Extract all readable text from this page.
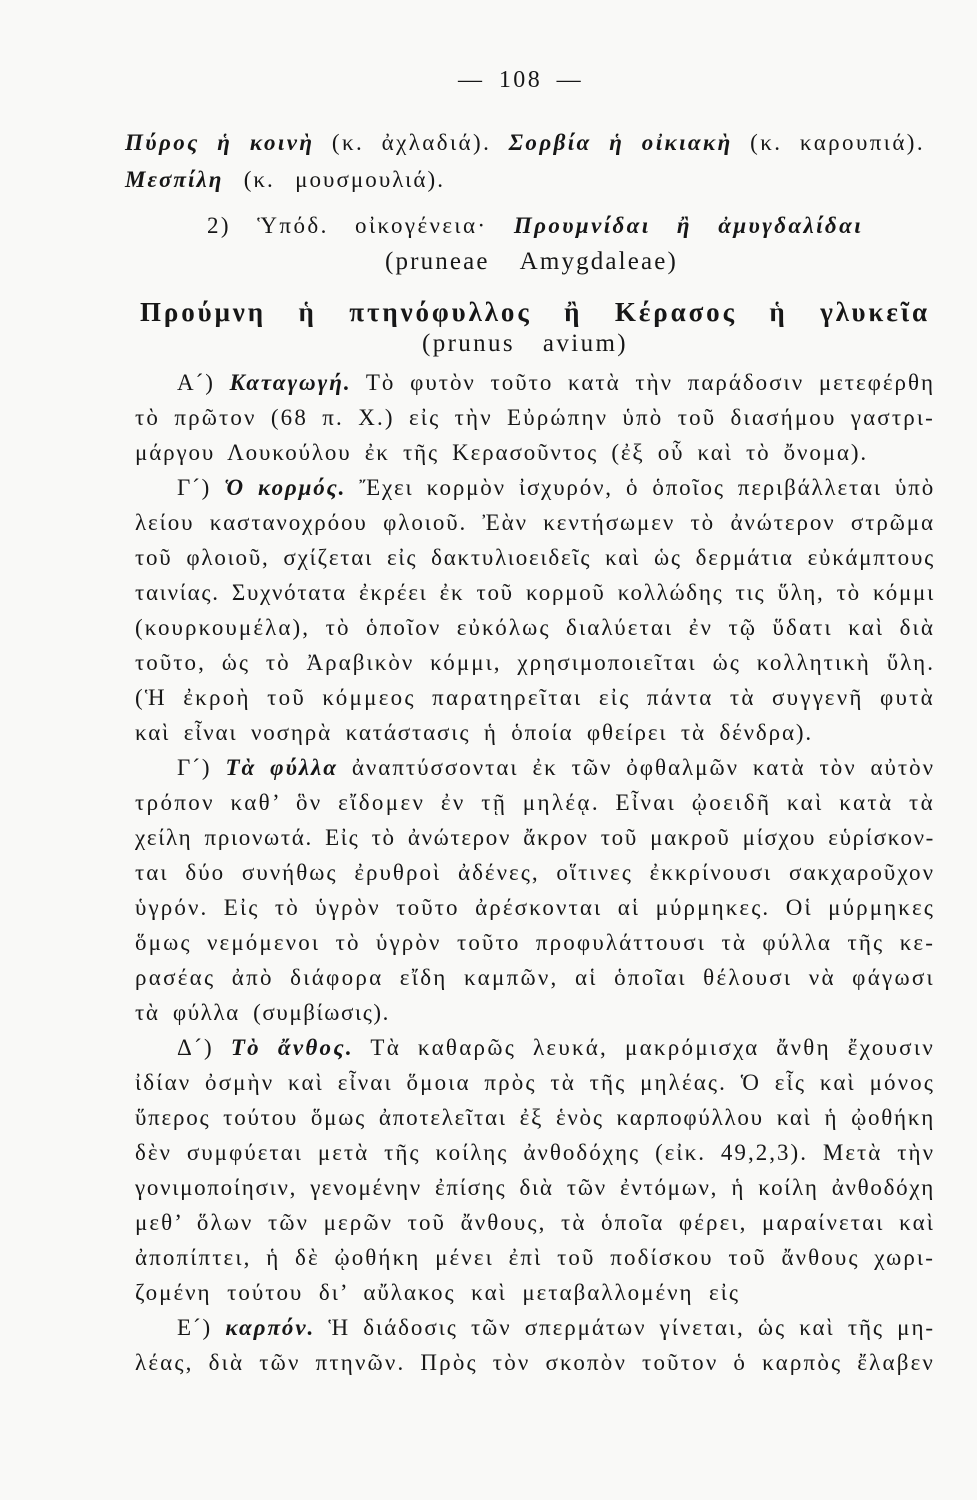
— 108 —
Πύρος ἡ κοινὴ (κ. ἀχλαδιά). Σορβία ἡ οἰκιακὴ (κ. καρουπιά).
Μεσπίλη (κ. μουσμουλιά).
2) Ὑπόδ. οἰκογένεια· Προυμνίδαι ἢ ἀμυγδαλίδαι
(pruneae Amygdaleae)
Προύμνη ἡ πτηνόφυλλος ἢ Κέρασος ἡ γλυκεῖα
(prunus avium)
Α´) Καταγωγή. Τὸ φυτὸν τοῦτο κατὰ τὴν παράδοσιν μετεφέρθη
τὸ πρῶτον (68 π. Χ.) εἰς τὴν Εὐρώπην ὑπὸ τοῦ διασήμου γαστρι-
μάργου Λουκούλου ἐκ τῆς Κερασοῦντος (ἐξ οὗ καὶ τὸ ὄνομα).
Γ´) Ὁ κορμός. Ἔχει κορμὸν ἰσχυρόν, ὁ ὁποῖος περιβάλλεται ὑπὸ
λείου καστανοχρόου φλοιοῦ. Ἐὰν κεντήσωμεν τὸ ἀνώτερον στρῶμα
τοῦ φλοιοῦ, σχίζεται εἰς δακτυλιοειδεῖς καὶ ὡς δερμάτια εὐκάμπτους
ταινίας. Συχνότατα ἐκρέει ἐκ τοῦ κορμοῦ κολλώδης τις ὕλη, τὸ κόμμι
(κουρκουμέλα), τὸ ὁποῖον εὐκόλως διαλύεται ἐν τῷ ὕδατι καὶ διὰ
τοῦτο, ὡς τὸ Ἀραβικὸν κόμμι, χρησιμοποιεῖται ὡς κολλητικὴ ὕλη.
(Ἡ ἐκροὴ τοῦ κόμμεος παρατηρεῖται εἰς πάντα τὰ συγγενῆ φυτὰ
καὶ εἶναι νοσηρὰ κατάστασις ἡ ὁποία φθείρει τὰ δένδρα).
Γ´) Τὰ φύλλα ἀναπτύσσονται ἐκ τῶν ὀφθαλμῶν κατὰ τὸν αὐτὸν
τρόπον καθ’ ὃν εἴδομεν ἐν τῇ μηλέᾳ. Εἶναι ᾠοειδῆ καὶ κατὰ τὰ
χείλη πριονωτά. Εἰς τὸ ἀνώτερον ἄκρον τοῦ μακροῦ μίσχου εὑρίσκον-
ται δύο συνήθως ἐρυθροὶ ἀδένες, οἵτινες ἐκκρίνουσι σακχαροῦχον
ὑγρόν. Εἰς τὸ ὑγρὸν τοῦτο ἀρέσκονται αἱ μύρμηκες. Οἱ μύρμηκες
ὅμως νεμόμενοι τὸ ὑγρὸν τοῦτο προφυλάττουσι τὰ φύλλα τῆς κε-
ρασέας ἀπὸ διάφορα εἴδη καμπῶν, αἱ ὁποῖαι θέλουσι νὰ φάγωσι
τὰ φύλλα (συμβίωσις).
Δ´) Τὸ ἄνθος. Τὰ καθαρῶς λευκά, μακρόμισχα ἄνθη ἔχουσιν
ἰδίαν ὀσμὴν καὶ εἶναι ὅμοια πρὸς τὰ τῆς μηλέας. Ὁ εἷς καὶ μόνος
ὕπερος τούτου ὅμως ἀποτελεῖται ἐξ ἑνὸς καρποφύλλου καὶ ἡ ᾠοθήκη
δὲν συμφύεται μετὰ τῆς κοίλης ἀνθοδόχης (εἰκ. 49,2,3). Μετὰ τὴν
γονιμοποίησιν, γενομένην ἐπίσης διὰ τῶν ἐντόμων, ἡ κοίλη ἀνθοδόχη
μεθ’ ὅλων τῶν μερῶν τοῦ ἄνθους, τὰ ὁποῖα φέρει, μαραίνεται καὶ
ἀποπίπτει, ἡ δὲ ᾠοθήκη μένει ἐπὶ τοῦ ποδίσκου τοῦ ἄνθους χωρι-
ζομένη τούτου δι’ αὔλακος καὶ μεταβαλλομένη εἰς
Ε´) καρπόν. Ἡ διάδοσις τῶν σπερμάτων γίνεται, ὡς καὶ τῆς μη-
λέας, διὰ τῶν πτηνῶν. Πρὸς τὸν σκοπὸν τοῦτον ὁ καρπὸς ἔλαβεν
